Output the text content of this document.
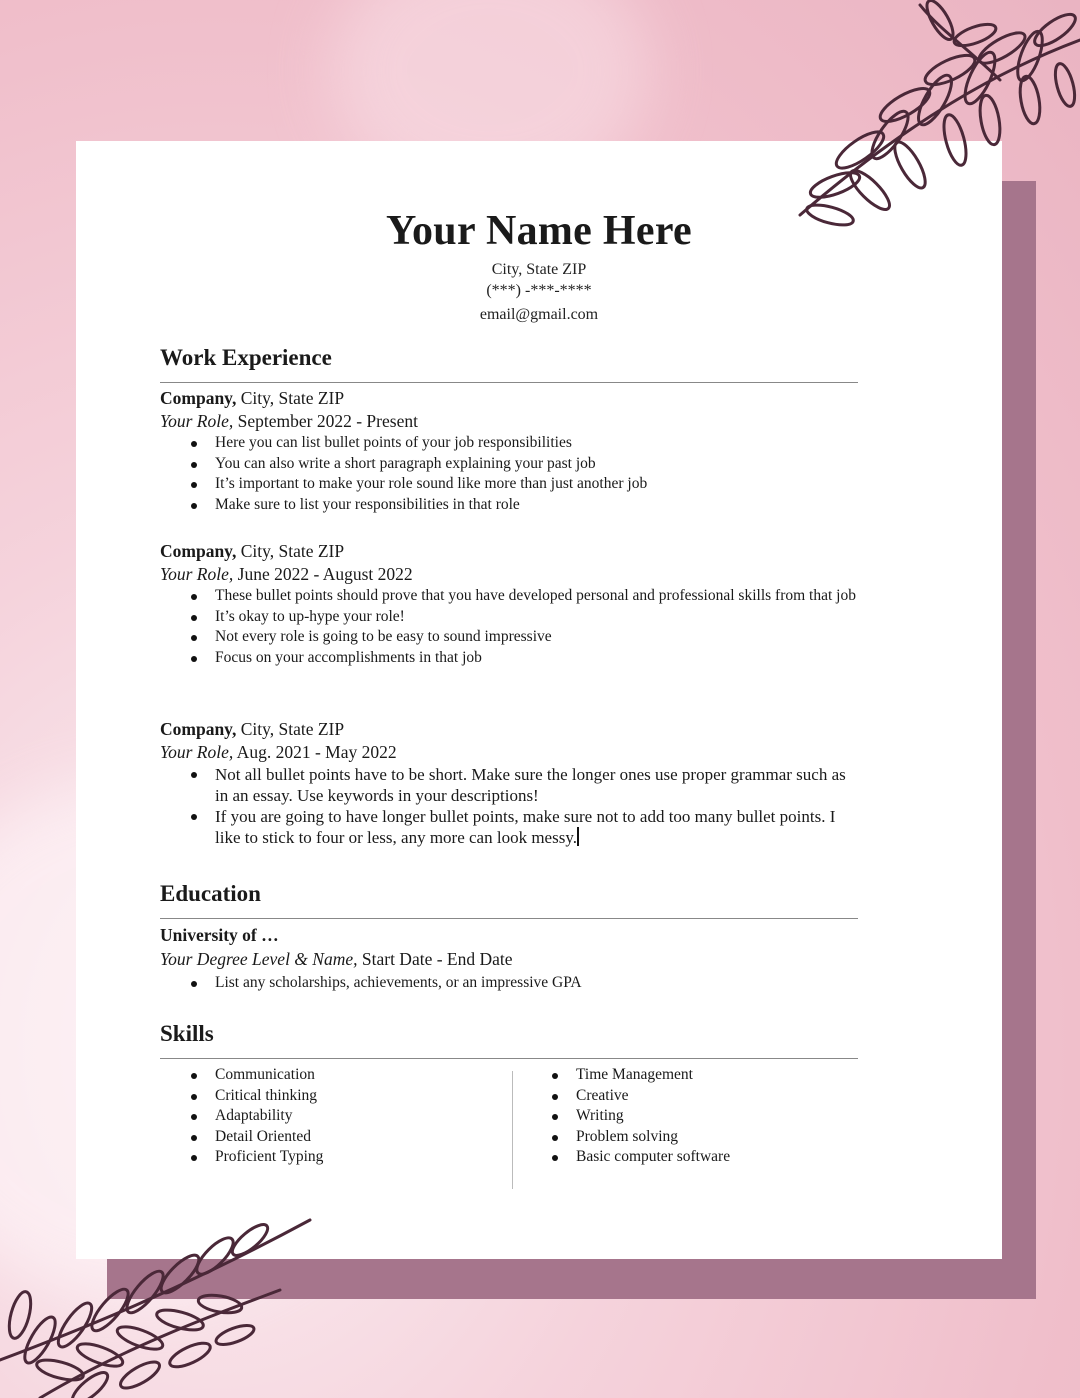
Your Name Here
City, State ZIP
(***) -***-****
email@gmail.com
Work Experience
Company, City, State ZIP
Your Role, September 2022 - Present
Here you can list bullet points of your job responsibilities
You can also write a short paragraph explaining your past job
It’s important to make your role sound like more than just another job
Make sure to list your responsibilities in that role
Company, City, State ZIP
Your Role, June 2022 - August 2022
These bullet points should prove that you have developed personal and professional skills from that job
It’s okay to up-hype your role!
Not every role is going to be easy to sound impressive
Focus on your accomplishments in that job
Company, City, State ZIP
Your Role, Aug. 2021 - May 2022
Not all bullet points have to be short. Make sure the longer ones use proper grammar such as in an essay. Use keywords in your descriptions!
If you are going to have longer bullet points, make sure not to add too many bullet points. I like to stick to four or less, any more can look messy.
Education
University of …
Your Degree Level & Name, Start Date - End Date
List any scholarships, achievements, or an impressive GPA
Skills
Communication
Critical thinking
Adaptability
Detail Oriented
Proficient Typing
Time Management
Creative
Writing
Problem solving
Basic computer software
